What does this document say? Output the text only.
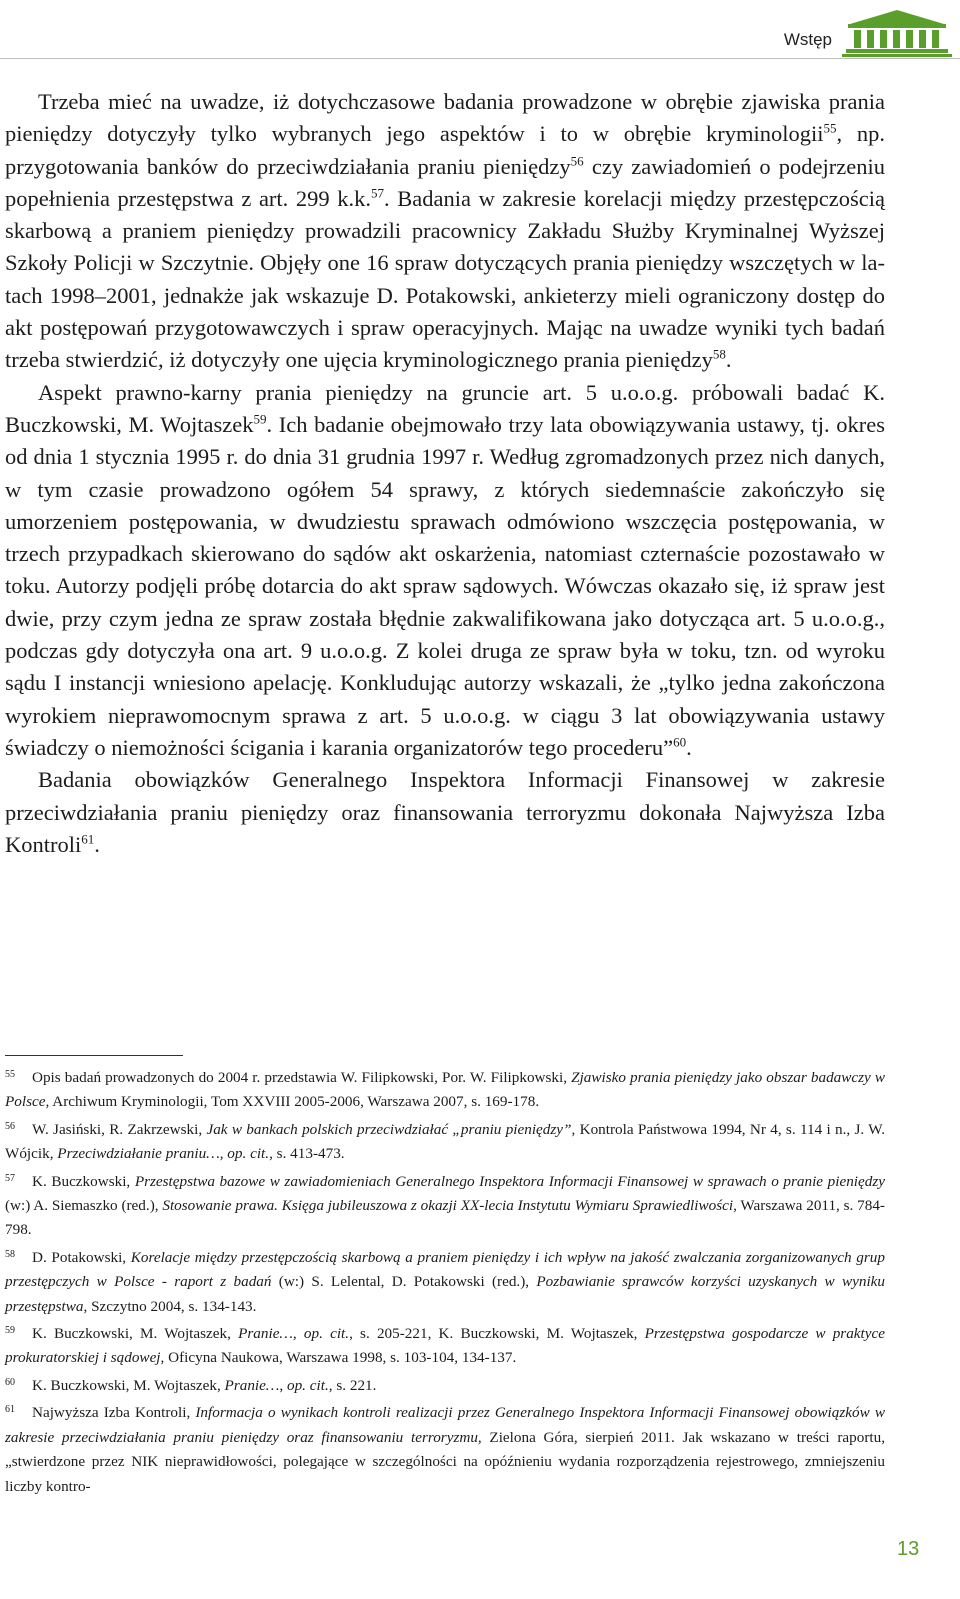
Wstęp

Trzeba mieć na uwadze, iż dotychczasowe badania prowadzone w obrębie zjawiska prania pieniędzy dotyczyły tylko wybranych jego aspektów i to w obrębie kryminologii$^{55}$, np. przygotowania banków do przeciwdziałania praniu pieniędzy$^{56}$ czy zawiadomień o podejrzeniu popełnienia przestępstwa z art. 299 k.k.$^{57}$. Badania w zakresie korelacji między przestępczością skarbową a praniem pieniędzy prowadzili pracownicy Zakładu Służby Kryminalnej Wyższej Szkoły Policji w Szczytnie. Objęły one 16 spraw dotyczących prania pieniędzy wszczętych w latach 1998–2001, jednakże jak wskazuje D. Potakowski, ankieterzy mieli ograniczony dostęp do akt postępowań przygotowawczych i spraw operacyjnych. Mając na uwadze wyniki tych badań trzeba stwierdzić, iż dotyczyły one ujęcia kryminologicznego prania pieniędzy$^{58}$.

Aspekt prawno-karny prania pieniędzy na gruncie art. 5 u.o.o.g. próbowali badać K. Buczkowski, M. Wojtaszek$^{59}$. Ich badanie obejmowało trzy lata obowiązywania ustawy, tj. okres od dnia 1 stycznia 1995 r. do dnia 31 grudnia 1997 r. Według zgromadzonych przez nich danych, w tym czasie prowadzono ogółem 54 sprawy, z których siedemnaście zakończyło się umorzeniem postępowania, w dwudziestu sprawach odmówiono wszczęcia postępowania, w trzech przypadkach skierowano do sądów akt oskarżenia, natomiast czternaście pozostawało w toku. Autorzy podjęli próbę dotarcia do akt spraw sądowych. Wówczas okazało się, iż spraw jest dwie, przy czym jedna ze spraw została błędnie zakwalifikowana jako dotycząca art. 5 u.o.o.g., podczas gdy dotyczyła ona art. 9 u.o.o.g. Z kolei druga ze spraw była w toku, tzn. od wyroku sądu I instancji wniesiono apelację. Konkludując autorzy wskazali, że „tylko jedna zakończona wyrokiem nieprawomocnym sprawa z art. 5 u.o.o.g. w ciągu 3 lat obowiązywania ustawy świadczy o niemożności ścigania i karania organizatorów tego procederu”$^{60}$.

Badania obowiązków Generalnego Inspektora Informacji Finansowej w zakresie przeciwdziałania praniu pieniędzy oraz finansowania terroryzmu dokonała Najwyższa Izba Kontroli$^{61}$.

55 Opis badań prowadzonych do 2004 r. przedstawia W. Filipkowski, Por. W. Filipkowski, Zjawisko prania pieniędzy jako obszar badawczy w Polsce, Archiwum Kryminologii, Tom XXVIII 2005-2006, Warszawa 2007, s. 169-178.

56 W. Jasiński, R. Zakrzewski, Jak w bankach polskich przeciwdziałać „praniu pieniędzy”, Kontrola Państwowa 1994, Nr 4, s. 114 i n., J. W. Wójcik, Przeciwdziałanie praniu…, op. cit., s. 413-473.

57 K. Buczkowski, Przestępstwa bazowe w zawiadomieniach Generalnego Inspektora Informacji Finansowej w sprawach o pranie pieniędzy (w:) A. Siemaszko (red.), Stosowanie prawa. Księga jubileuszowa z okazji XX-lecia Instytutu Wymiaru Sprawiedliwości, Warszawa 2011, s. 784-798.

58 D. Potakowski, Korelacje między przestępczością skarbową a praniem pieniędzy i ich wpływ na jakość zwalczania zorganizowanych grup przestępczych w Polsce - raport z badań (w:) S. Lelental, D. Potakowski (red.), Pozbawianie sprawców korzyści uzyskanych w wyniku przestępstwa, Szczytno 2004, s. 134-143.

59 K. Buczkowski, M. Wojtaszek, Pranie…, op. cit., s. 205-221, K. Buczkowski, M. Wojtaszek, Przestępstwa gospodarcze w praktyce prokuratorskiej i sądowej, Oficyna Naukowa, Warszawa 1998, s. 103-104, 134-137.

60 K. Buczkowski, M. Wojtaszek, Pranie…, op. cit., s. 221.

61 Najwyższa Izba Kontroli, Informacja o wynikach kontroli realizacji przez Generalnego Inspektora Informacji Finansowej obowiązków w zakresie przeciwdziałania praniu pieniędzy oraz finansowaniu terroryzmu, Zielona Góra, sierpień 2011. Jak wskazano w treści raportu, „stwierdzone przez NIK nieprawidłowości, polegające w szczególności na opóźnieniu wydania rozporządzenia rejestrowego, zmniejszeniu liczby kontro-

13
